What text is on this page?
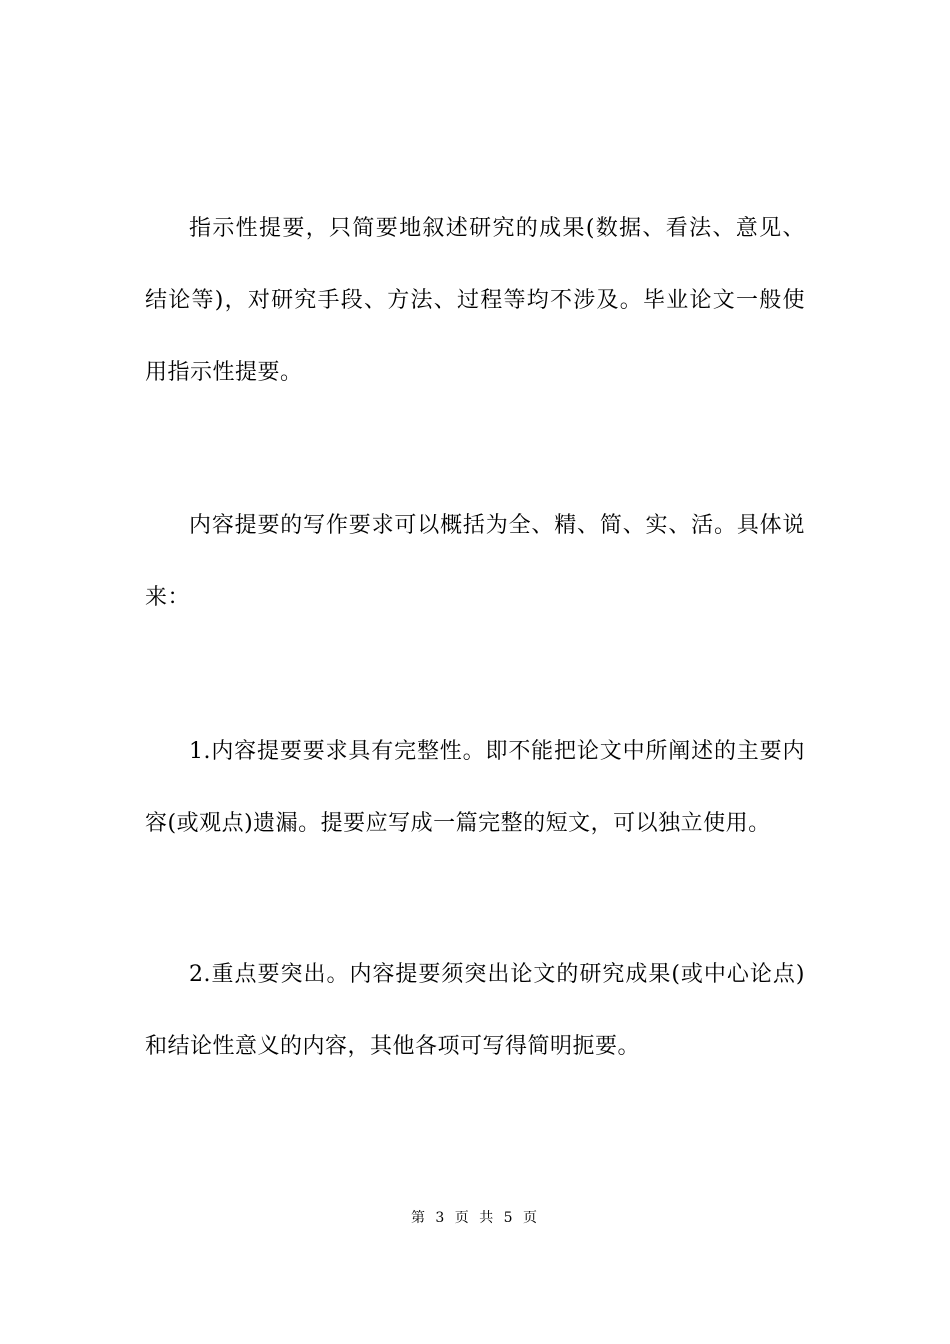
指示性提要，只简要地叙述研究的成果(数据、看法、意见、结论等)，对研究手段、方法、过程等均不涉及。毕业论文一般使用指示性提要。

内容提要的写作要求可以概括为全、精、简、实、活。具体说来：

1.内容提要要求具有完整性。即不能把论文中所阐述的主要内容(或观点)遗漏。提要应写成一篇完整的短文，可以独立使用。

2.重点要突出。内容提要须突出论文的研究成果(或中心论点)和结论性意义的内容，其他各项可写得简明扼要。

第 3 页 共 5 页
